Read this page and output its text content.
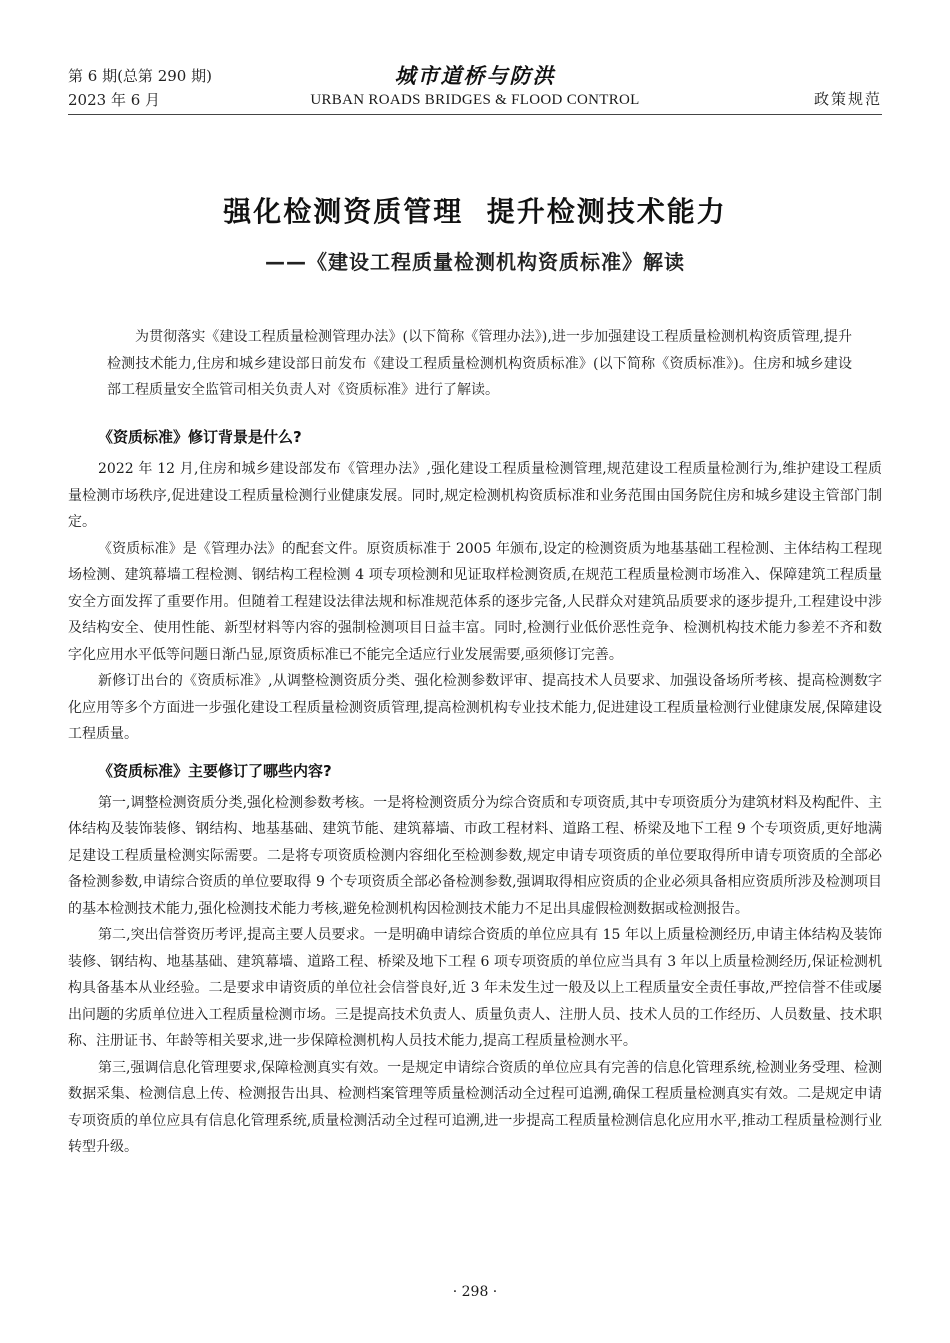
第 6 期(总第 290 期)
2023 年 6 月
城市道桥与防洪
URBAN ROADS BRIDGES & FLOOD CONTROL	政策规范
强化检测资质管理  提升检测技术能力
——《建设工程质量检测机构资质标准》解读

为贯彻落实《建设工程质量检测管理办法》(以下简称《管理办法》),进一步加强建设工程质量检测机构资质管理,提升检测技术能力,住房和城乡建设部日前发布《建设工程质量检测机构资质标准》(以下简称《资质标准》)。住房和城乡建设部工程质量安全监管司相关负责人对《资质标准》进行了解读。

《资质标准》修订背景是什么?

2022 年 12 月,住房和城乡建设部发布《管理办法》,强化建设工程质量检测管理,规范建设工程质量检测行为,维护建设工程质量检测市场秩序,促进建设工程质量检测行业健康发展。同时,规定检测机构资质标准和业务范围由国务院住房和城乡建设主管部门制定。

《资质标准》是《管理办法》的配套文件。原资质标准于 2005 年颁布,设定的检测资质为地基基础工程检测、主体结构工程现场检测、建筑幕墙工程检测、钢结构工程检测 4 项专项检测和见证取样检测资质,在规范工程质量检测市场准入、保障建筑工程质量安全方面发挥了重要作用。但随着工程建设法律法规和标准规范体系的逐步完备,人民群众对建筑品质要求的逐步提升,工程建设中涉及结构安全、使用性能、新型材料等内容的强制检测项目日益丰富。同时,检测行业低价恶性竞争、检测机构技术能力参差不齐和数字化应用水平低等问题日渐凸显,原资质标准已不能完全适应行业发展需要,亟须修订完善。

新修订出台的《资质标准》,从调整检测资质分类、强化检测参数评审、提高技术人员要求、加强设备场所考核、提高检测数字化应用等多个方面进一步强化建设工程质量检测资质管理,提高检测机构专业技术能力,促进建设工程质量检测行业健康发展,保障建设工程质量。

《资质标准》主要修订了哪些内容?

第一,调整检测资质分类,强化检测参数考核。一是将检测资质分为综合资质和专项资质,其中专项资质分为建筑材料及构配件、主体结构及装饰装修、钢结构、地基基础、建筑节能、建筑幕墙、市政工程材料、道路工程、桥梁及地下工程 9 个专项资质,更好地满足建设工程质量检测实际需要。二是将专项资质检测内容细化至检测参数,规定申请专项资质的单位要取得所申请专项资质的全部必备检测参数,申请综合资质的单位要取得 9 个专项资质全部必备检测参数,强调取得相应资质的企业必须具备相应资质所涉及检测项目的基本检测技术能力,强化检测技术能力考核,避免检测机构因检测技术能力不足出具虚假检测数据或检测报告。

第二,突出信誉资历考评,提高主要人员要求。一是明确申请综合资质的单位应具有 15 年以上质量检测经历,申请主体结构及装饰装修、钢结构、地基基础、建筑幕墙、道路工程、桥梁及地下工程 6 项专项资质的单位应当具有 3 年以上质量检测经历,保证检测机构具备基本从业经验。二是要求申请资质的单位社会信誉良好,近 3 年未发生过一般及以上工程质量安全责任事故,严控信誉不佳或屡出问题的劣质单位进入工程质量检测市场。三是提高技术负责人、质量负责人、注册人员、技术人员的工作经历、人员数量、技术职称、注册证书、年龄等相关要求,进一步保障检测机构人员技术能力,提高工程质量检测水平。

第三,强调信息化管理要求,保障检测真实有效。一是规定申请综合资质的单位应具有完善的信息化管理系统,检测业务受理、检测数据采集、检测信息上传、检测报告出具、检测档案管理等质量检测活动全过程可追溯,确保工程质量检测真实有效。二是规定申请专项资质的单位应具有信息化管理系统,质量检测活动全过程可追溯,进一步提高工程质量检测信息化应用水平,推动工程质量检测行业转型升级。

· 298 ·
